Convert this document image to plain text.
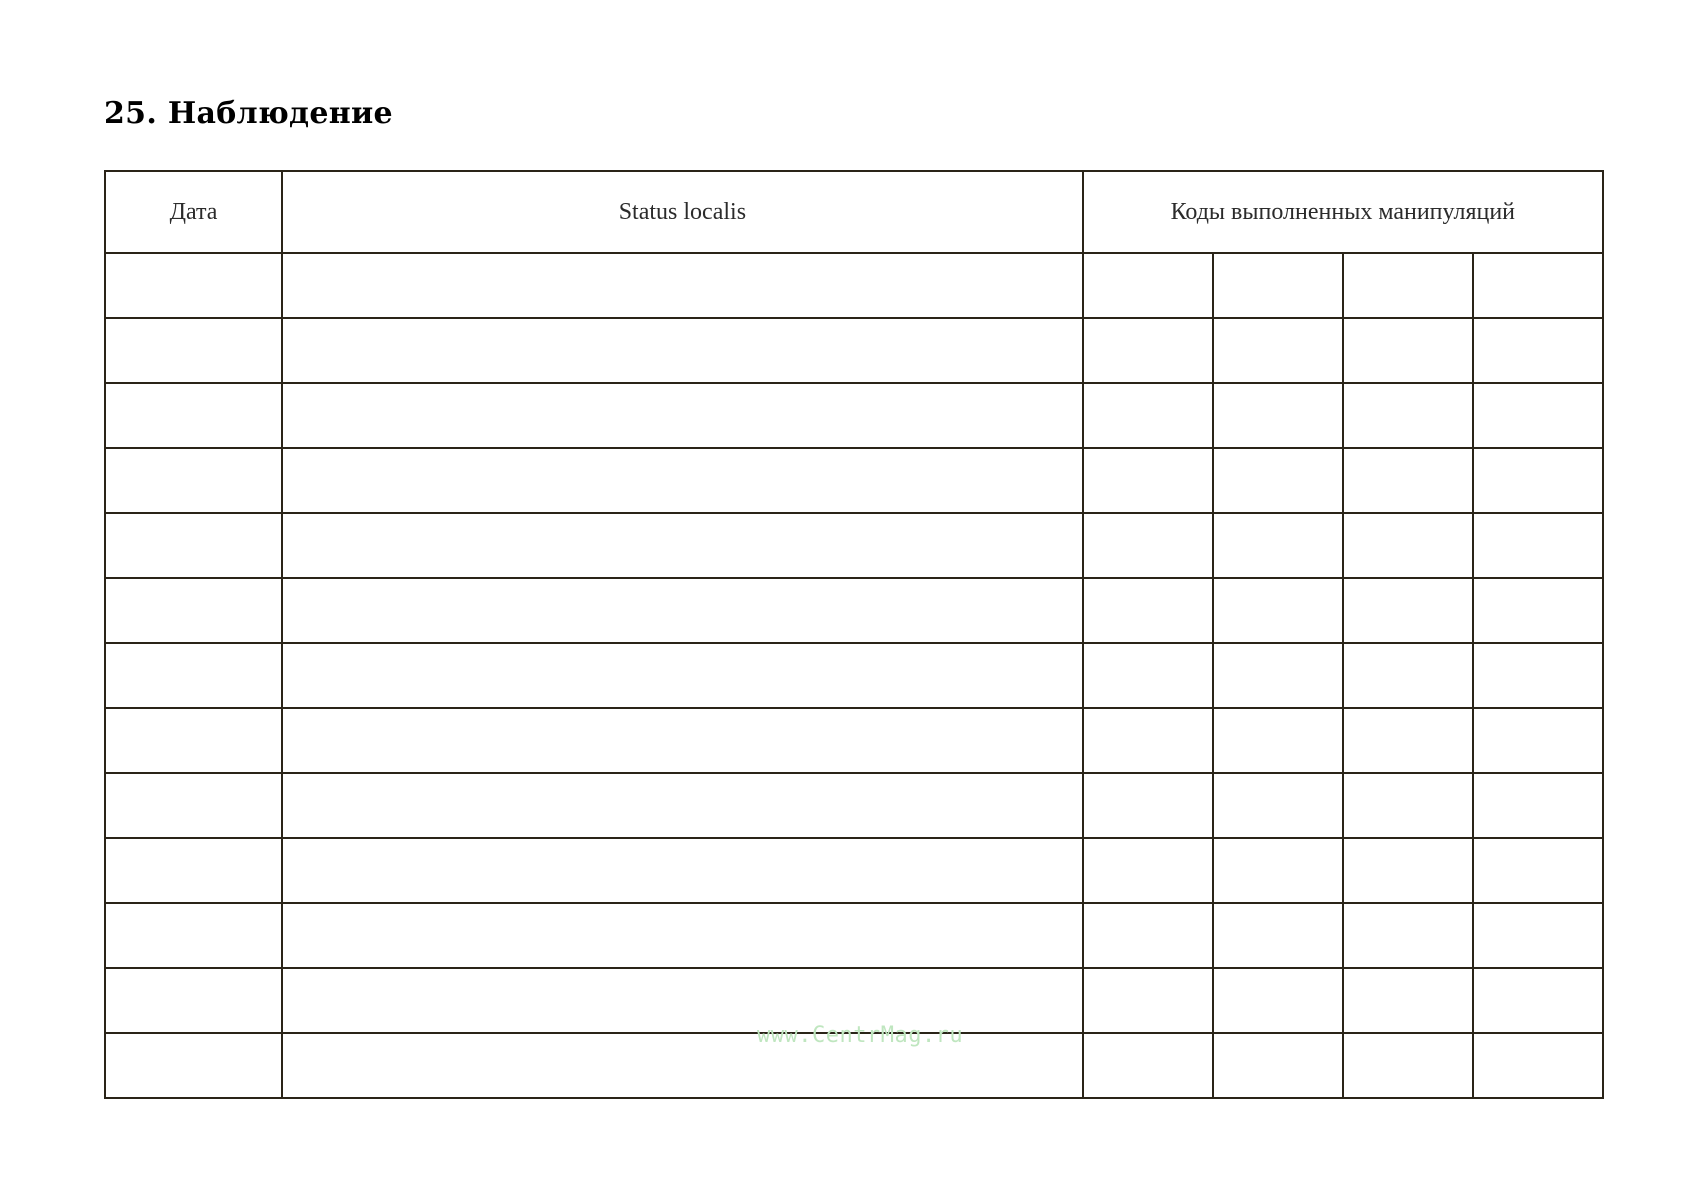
25. Наблюдение
Дата	Status localis	Коды выполненных манипуляций			

www.CentrMag.ru
